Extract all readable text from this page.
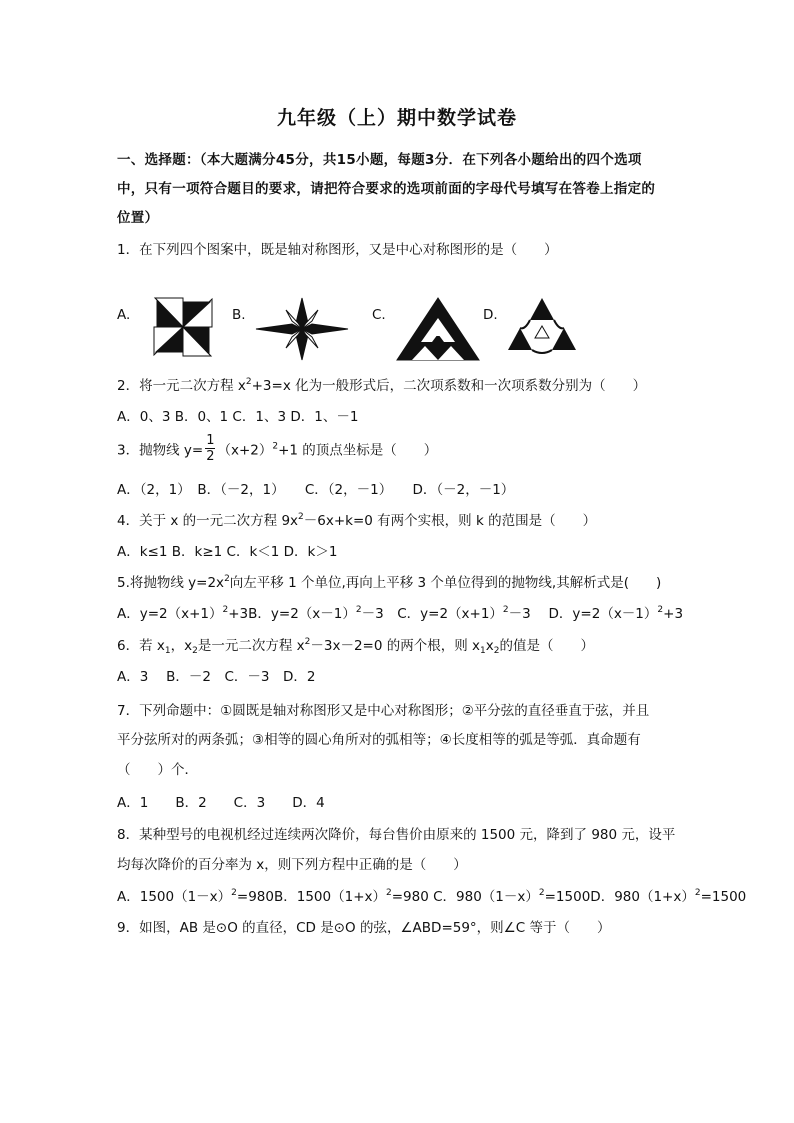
九年级（上）期中数学试卷
一、选择题：（本大题满分45分，共15小题，每题3分．在下列各小题给出的四个选项
中，只有一项符合题目的要求，请把符合要求的选项前面的字母代号填写在答卷上指定的
位置）
1．在下列四个图案中，既是轴对称图形，又是中心对称图形的是（　　）
A.	B.	C.	D.
2．将一元二次方程 $x^2+3=x$ 化为一般形式后，二次项系数和一次项系数分别为（　　）
A．0、3 B．0、1 C．1、3 D．1、－1
3．抛物线 $y= \frac{1}{2} (x+2)^2+1$ 的顶点坐标是（　　）
A．（2，1）　B．（－2，1）　　C．（2，－1）　　D．（－2，－1）
4．关于 x 的一元二次方程 $9x^2-6x+k=0$ 有两个实根，则 k 的范围是（　　）
A．k≤1 B．k≥1 C．k＜1 D．k＞1
5.将抛物线 $y=2x^2$向左平移 1 个单位,再向上平移 3 个单位得到的抛物线,其解析式是(　　)
A．$y=2(x+1)^2+3B$．$y=2(x-1)^2-3$　C．$y=2(x+1)^2-3$　 D．$y=2(x-1)^2+3$
6．若 $x_1$，$x_2$是一元二次方程 $x^2-3x-2=0$ 的两个根，则 $x_1x_2$的值是（　　）
A．3　 B．－2　C．－3　D．2
7．下列命题中：①圆既是轴对称图形又是中心对称图形；②平分弦的直径垂直于弦，并且
平分弦所对的两条弧；③相等的圆心角所对的弧相等；④长度相等的弧是等弧．真命题有
（　　）个．
A．1　　B．2　　C．3　　D．4
8．某种型号的电视机经过连续两次降价，每台售价由原来的 1500 元，降到了 980 元，设平
均每次降价的百分率为 x，则下列方程中正确的是（　　）
A．$1500(1-x)^2=980B$．$1500(1+x)^2=980$ C．$980(1-x)^2=1500D$．$980(1+x)^2=1500$
9．如图，AB 是⊙O 的直径，CD 是⊙O 的弦，∠ABD=59°，则∠C 等于（　　）
